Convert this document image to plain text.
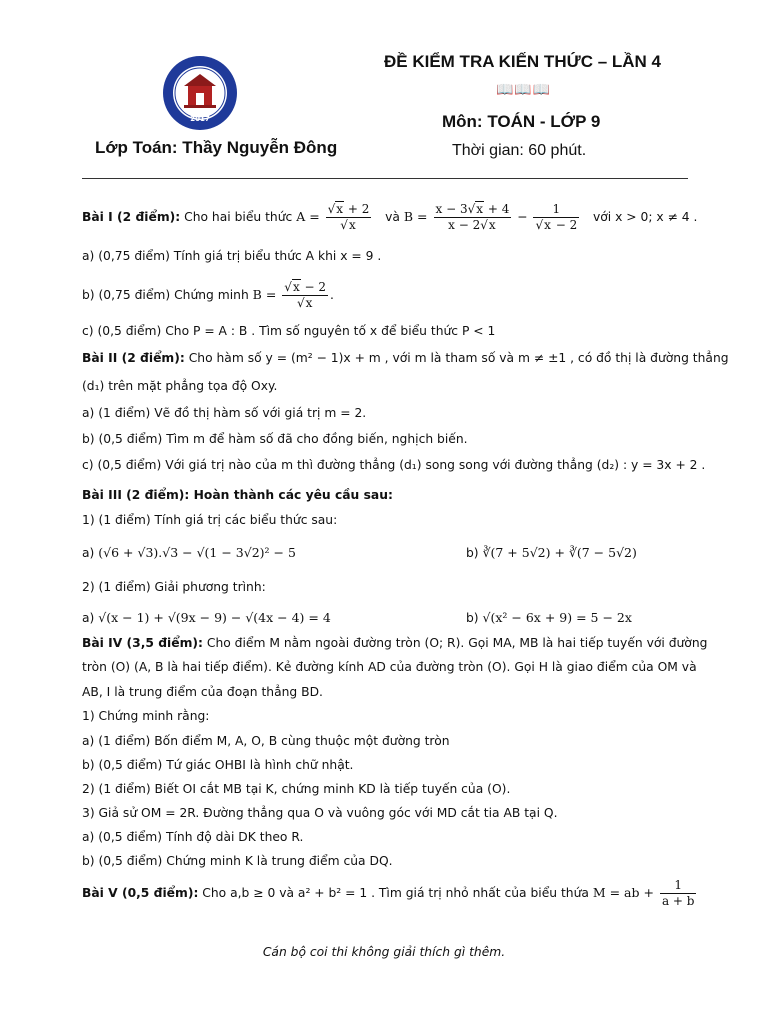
2017
Lớp Toán: Thầy Nguyễn Đông
ĐỀ KIỂM TRA KIẾN THỨC – LẦN 4
📖📖📖
Môn: TOÁN - LỚP 9
Thời gian: 60 phút.
Bài I (2 điểm): Cho hai biểu thức $A = \frac{√x + 2}{√x}$ và $B = \frac{x - 3√x + 4}{x - 2√x} - \frac{1}{√x - 2}$ với x > 0; x ≠ 4 .
a) (0,75 điểm) Tính giá trị biểu thức A khi x = 9 .
b) (0,75 điểm) Chứng minh $B = \frac{√x - 2}{√x}$ .
c) (0,5 điểm) Cho P = A : B . Tìm số nguyên tố x để biểu thức P < 1
Bài II (2 điểm): Cho hàm số y = (m² − 1)x + m , với m là tham số và m ≠ ±1 , có đồ thị là đường thẳng
(d₁) trên mặt phẳng tọa độ Oxy.
a) (1 điểm) Vẽ đồ thị hàm số với giá trị m = 2.
b) (0,5 điểm) Tìm m để hàm số đã cho đồng biến, nghịch biến.
c) (0,5 điểm) Với giá trị nào của m thì đường thẳng (d₁) song song với đường thẳng (d₂) : y = 3x + 2 .
Bài III (2 điểm): Hoàn thành các yêu cầu sau:
1) (1 điểm) Tính giá trị các biểu thức sau:
a) (√6 + √3).√3 − √(1 − 3√2)² − 5	b) ∛(7 + 5√2) + ∛(7 − 5√2)
2) (1 điểm) Giải phương trình:
a) √(x − 1) + √(9x − 9) − √(4x − 4) = 4	b) √(x² − 6x + 9) = 5 − 2x
Bài IV (3,5 điểm): Cho điểm M nằm ngoài đường tròn (O; R). Gọi MA, MB là hai tiếp tuyến với đường
tròn (O) (A, B là hai tiếp điểm). Kẻ đường kính AD của đường tròn (O). Gọi H là giao điểm của OM và
AB, I là trung điểm của đoạn thẳng BD.
1) Chứng minh rằng:
a) (1 điểm) Bốn điểm M, A, O, B cùng thuộc một đường tròn
b) (0,5 điểm) Tứ giác OHBI là hình chữ nhật.
2) (1 điểm) Biết OI cắt MB tại K, chứng minh KD là tiếp tuyến của (O).
3) Giả sử OM = 2R. Đường thẳng qua O và vuông góc với MD cắt tia AB tại Q.
a) (0,5 điểm) Tính độ dài DK theo R.
b) (0,5 điểm) Chứng minh K là trung điểm của DQ.
Bài V (0,5 điểm): Cho a,b ≥ 0 và a² + b² = 1 . Tìm giá trị nhỏ nhất của biểu thứa M = ab + $\frac{1}{a + b}$
Cán bộ coi thi không giải thích gì thêm.
